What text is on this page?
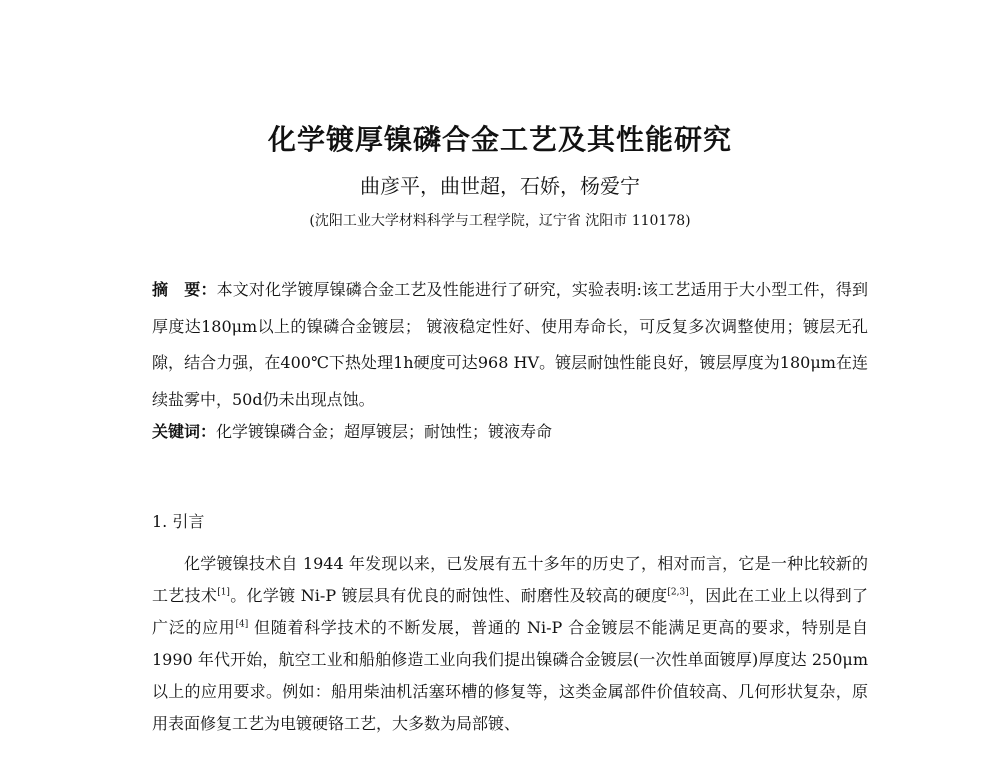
化学镀厚镍磷合金工艺及其性能研究
曲彦平，曲世超，石娇，杨爱宁
(沈阳工业大学材料科学与工程学院，辽宁省 沈阳市 110178)
摘　要：本文对化学镀厚镍磷合金工艺及性能进行了研究，实验表明:该工艺适用于大小型工件，得到厚度达180μm以上的镍磷合金镀层； 镀液稳定性好、使用寿命长，可反复多次调整使用；镀层无孔隙，结合力强，在400℃下热处理1h硬度可达968 HV。镀层耐蚀性能良好，镀层厚度为180μm在连续盐雾中，50d仍未出现点蚀。
关键词：化学镀镍磷合金；超厚镀层；耐蚀性；镀液寿命
1. 引言
化学镀镍技术自 1944 年发现以来，已发展有五十多年的历史了，相对而言，它是一种比较新的工艺技术[1]。化学镀 Ni-P 镀层具有优良的耐蚀性、耐磨性及较高的硬度[2,3]，因此在工业上以得到了广泛的应用[4] 但随着科学技术的不断发展，普通的 Ni-P 合金镀层不能满足更高的要求，特别是自 1990 年代开始，航空工业和船舶修造工业向我们提出镍磷合金镀层(一次性单面镀厚)厚度达 250μm 以上的应用要求。例如：船用柴油机活塞环槽的修复等，这类金属部件价值较高、几何形状复杂，原用表面修复工艺为电镀硬铬工艺，大多数为局部镀、
